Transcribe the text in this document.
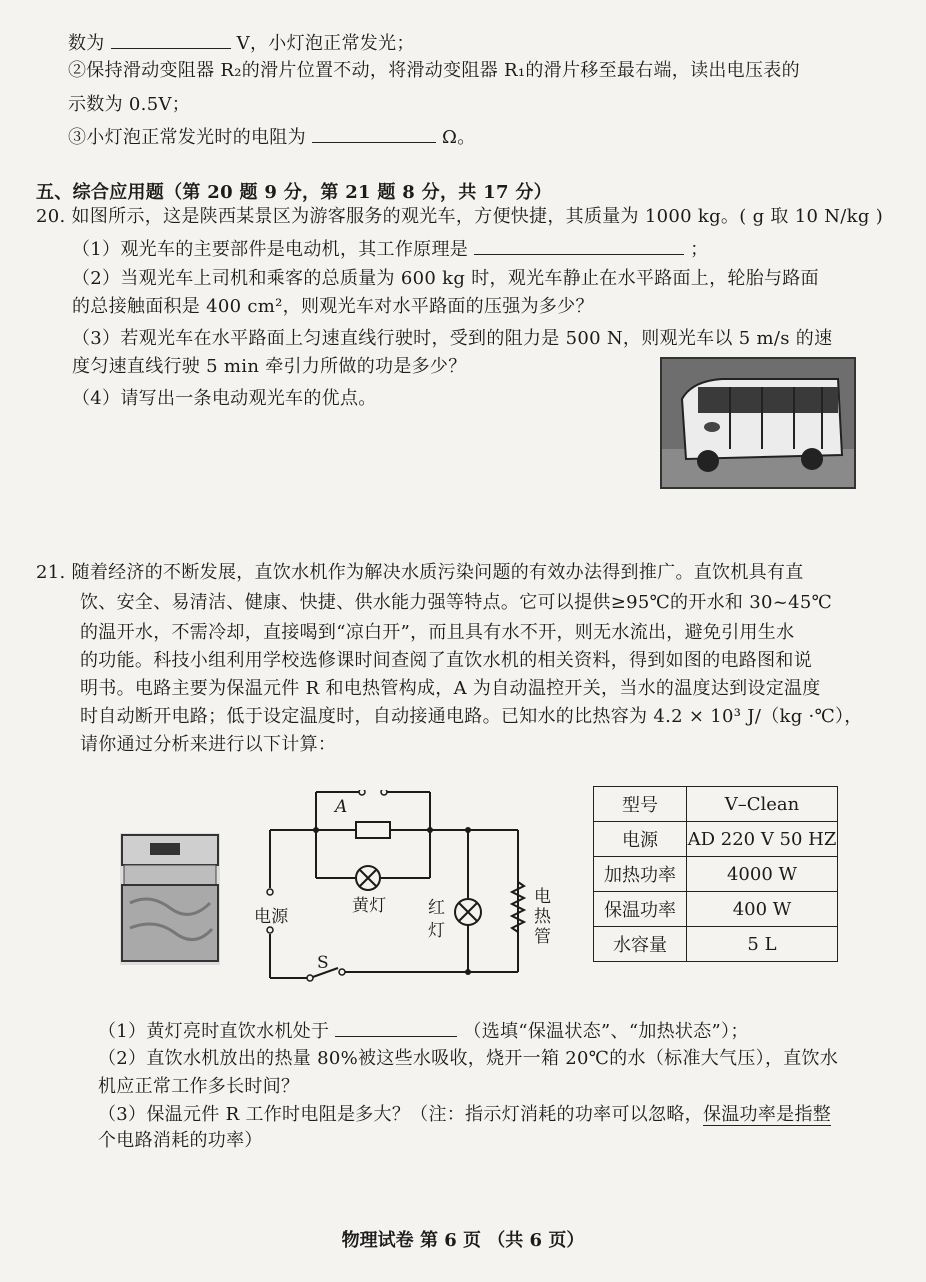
数为	V，小灯泡正常发光；
②保持滑动变阻器 R₂的滑片位置不动，将滑动变阻器 R₁的滑片移至最右端，读出电压表的
示数为 0.5V；
③小灯泡正常发光时的电阻为	Ω。
五、综合应用题（第 20 题 9 分，第 21 题 8 分，共 17 分）
20. 如图所示，这是陕西某景区为游客服务的观光车，方便快捷，其质量为 1000 kg。( g 取 10 N/kg )
（1）观光车的主要部件是电动机，其工作原理是	；
（2）当观光车上司机和乘客的总质量为 600 kg 时，观光车静止在水平路面上，轮胎与路面
的总接触面积是 400 cm²，则观光车对水平路面的压强为多少？
（3）若观光车在水平路面上匀速直线行驶时，受到的阻力是 500 N，则观光车以 5 m/s 的速
度匀速直线行驶 5 min 牵引力所做的功是多少？
（4）请写出一条电动观光车的优点。
21. 随着经济的不断发展，直饮水机作为解决水质污染问题的有效办法得到推广。直饮机具有直
饮、安全、易清洁、健康、快捷、供水能力强等特点。它可以提供≥95℃的开水和 30~45℃
的温开水，不需冷却，直接喝到“凉白开”，而且具有水不开，则无水流出，避免引用生水
的功能。科技小组利用学校选修课时间查阅了直饮水机的相关资料，得到如图的电路图和说
明书。电路主要为保温元件 R 和电热管构成，A 为自动温控开关，当水的温度达到设定温度
时自动断开电路；低于设定温度时，自动接通电路。已知水的比热容为 4.2 × 10³ J/（kg ·℃），
请你通过分析来进行以下计算：
A
电源
黄灯 红
灯
电
热
管
S
型号	V–Clean
电源	AD 220 V 50 HZ
加热功率	4000 W
保温功率	400 W
水容量	5 L
（1）黄灯亮时直饮水机处于	（选填“保温状态”、“加热状态”）；
（2）直饮水机放出的热量 80%被这些水吸收，烧开一箱 20℃的水（标准大气压），直饮水
机应正常工作多长时间？
（3）保温元件 R 工作时电阻是多大？（注：指示灯消耗的功率可以忽略，保温功率是指整
个电路消耗的功率）
物理试卷 第 6 页 （共 6 页）
